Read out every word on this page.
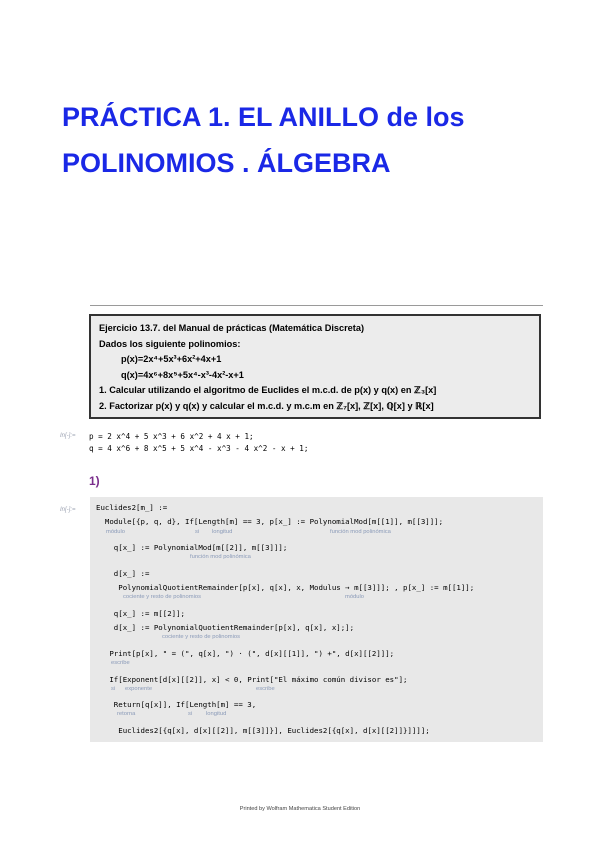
PRÁCTICA 1. EL ANILLO de los
POLINOMIOS . ÁLGEBRA
Ejercicio 13.7. del Manual de prácticas (Matemática Discreta)
Dados los siguiente polinomios:
p(x)=2x⁴+5x³+6x²+4x+1
q(x)=4x⁶+8x⁵+5x⁴-x³-4x²-x+1
1. Calcular utilizando el algoritmo de Euclides el m.c.d. de p(x) y q(x) en ℤ₃[x]
2. Factorizar p(x) y q(x) y calcular el m.c.d. y m.c.m en ℤ₇[x], ℤ[x], ℚ[x] y ℝ[x]
In[-]:= p = 2 x^4 + 5 x^3 + 6 x^2 + 4 x + 1;
q = 4 x^6 + 8 x^5 + 5 x^4 - x^3 - 4 x^2 - x + 1;
1)
In[-]:=	Euclides2[m_] :=
Module[{p, q, d}, If[Length[m] == 3, p[x_] := PolynomialMod[m[[1]], m[[3]]];
módulo	si longitud	función mod polinómica
q[x_] := PolynomialMod[m[[2]], m[[3]]];
función mod polinómica
d[x_] :=
PolynomialQuotientRemainder[p[x], q[x], x, Modulus → m[[3]]]; , p[x_] := m[[1]];
cociente y resto de polinomios	módulo
q[x_] := m[[2]];
d[x_] := PolynomialQuotientRemainder[p[x], q[x], x];];
cociente y resto de polinomios
Print[p[x], " = (", q[x], ") · (", d[x][[1]], ") +", d[x][[2]]];
escribe
If[Exponent[d[x][[2]], x] < 0, Print["El máximo común divisor es"];
si exponente	escribe
Return[q[x]], If[Length[m] == 3,
retorna	si longitud
Euclides2[{q[x], d[x][[2]], m[[3]]}], Euclides2[{q[x], d[x][[2]]}]]]];
Printed by Wolfram Mathematica Student Edition
